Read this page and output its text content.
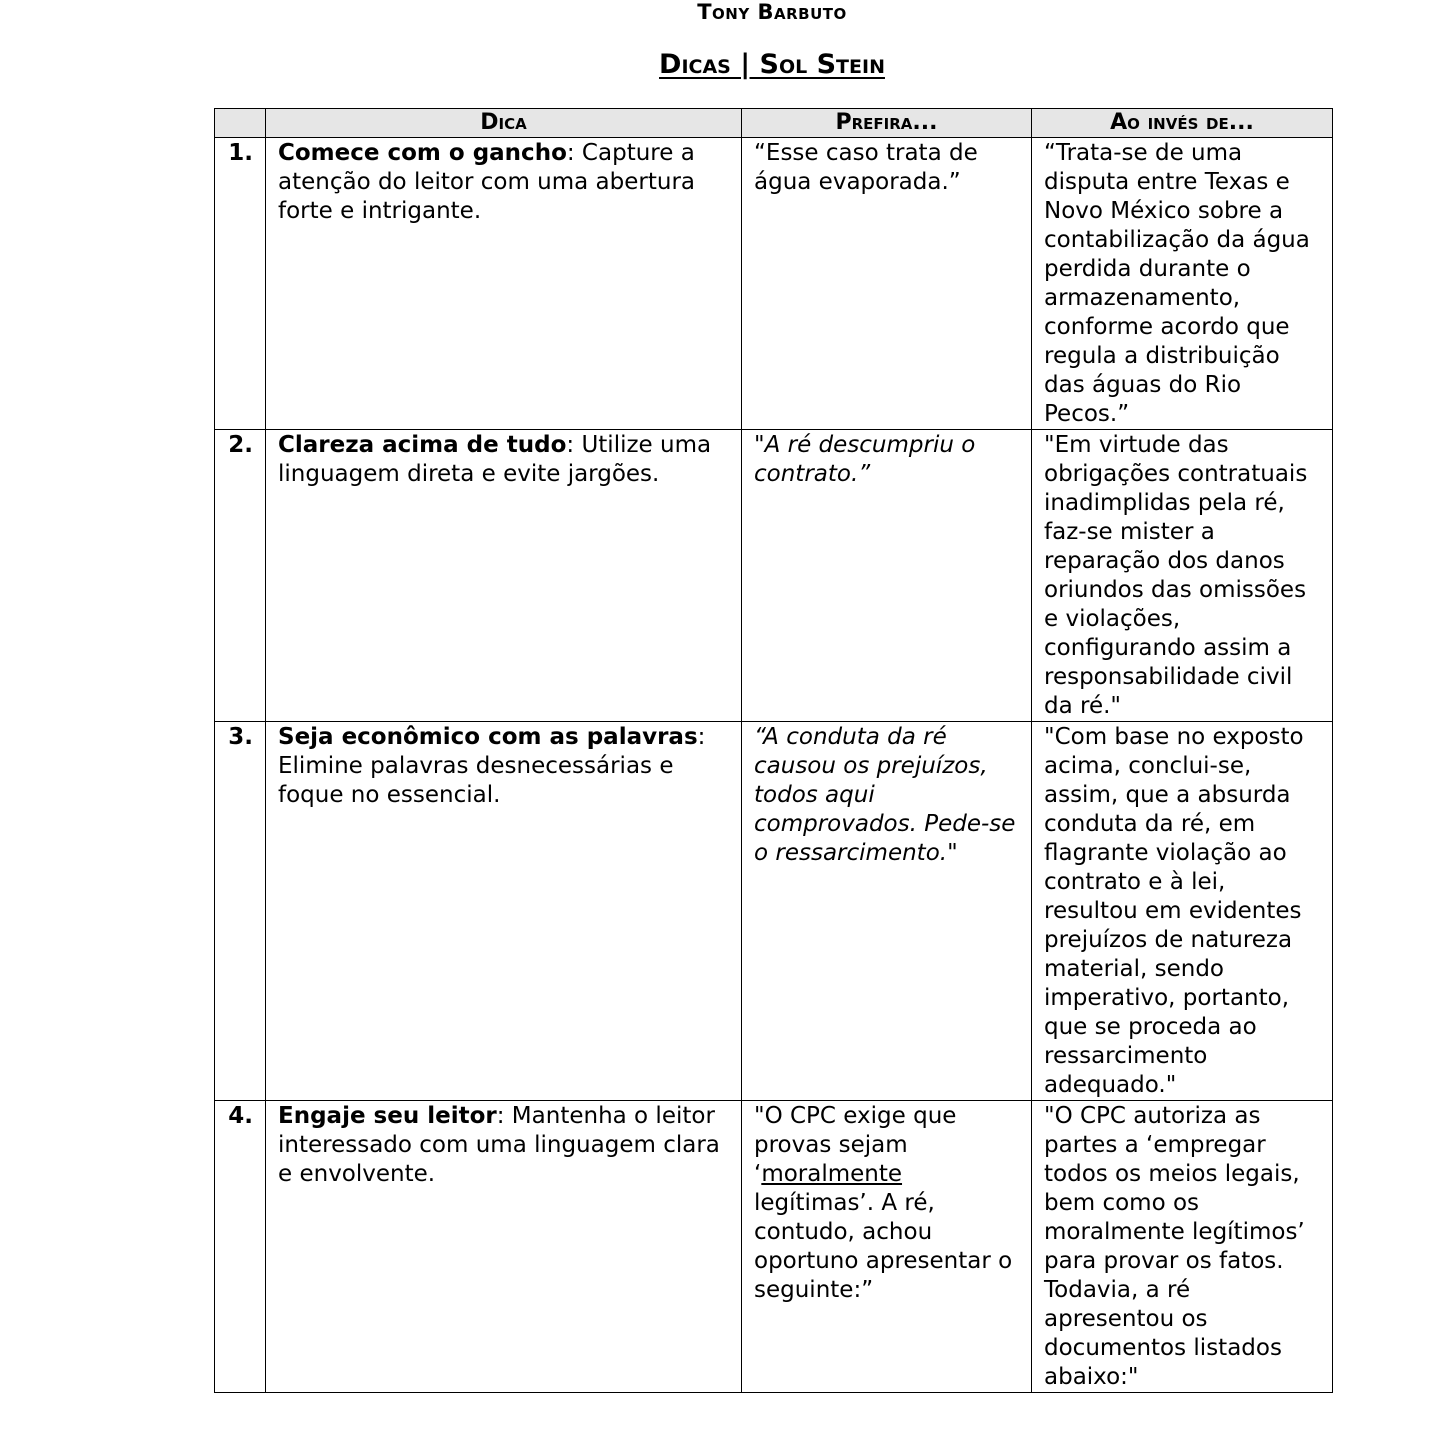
Tony Barbuto
Dicas | Sol Stein
	Dica	Prefira...	Ao invés de...
1.	Comece com o gancho: Capture a atenção do leitor com uma abertura forte e intrigante.	“Esse caso trata de água evaporada.”	“Trata-se de uma disputa entre Texas e Novo México sobre a contabilização da água perdida durante o armazenamento, conforme acordo que regula a distribuição das águas do Rio Pecos.”
2.	Clareza acima de tudo: Utilize uma linguagem direta e evite jargões.	"A ré descumpriu o contrato.”	"Em virtude das obrigações contratuais inadimplidas pela ré, faz-se mister a reparação dos danos oriundos das omissões e violações, configurando assim a responsabilidade civil da ré."
3.	Seja econômico com as palavras: Elimine palavras desnecessárias e foque no essencial.	“A conduta da ré causou os prejuízos, todos aqui comprovados. Pede-se o ressarcimento."	"Com base no exposto acima, conclui-se, assim, que a absurda conduta da ré, em flagrante violação ao contrato e à lei, resultou em evidentes prejuízos de natureza material, sendo imperativo, portanto, que se proceda ao ressarcimento adequado."
4.	Engaje seu leitor: Mantenha o leitor interessado com uma linguagem clara e envolvente.	"O CPC exige que provas sejam ‘moralmente legítimas’. A ré, contudo, achou oportuno apresentar o seguinte:”	"O CPC autoriza as partes a ‘empregar todos os meios legais, bem como os moralmente legítimos’ para provar os fatos. Todavia, a ré apresentou os documentos listados abaixo:"
